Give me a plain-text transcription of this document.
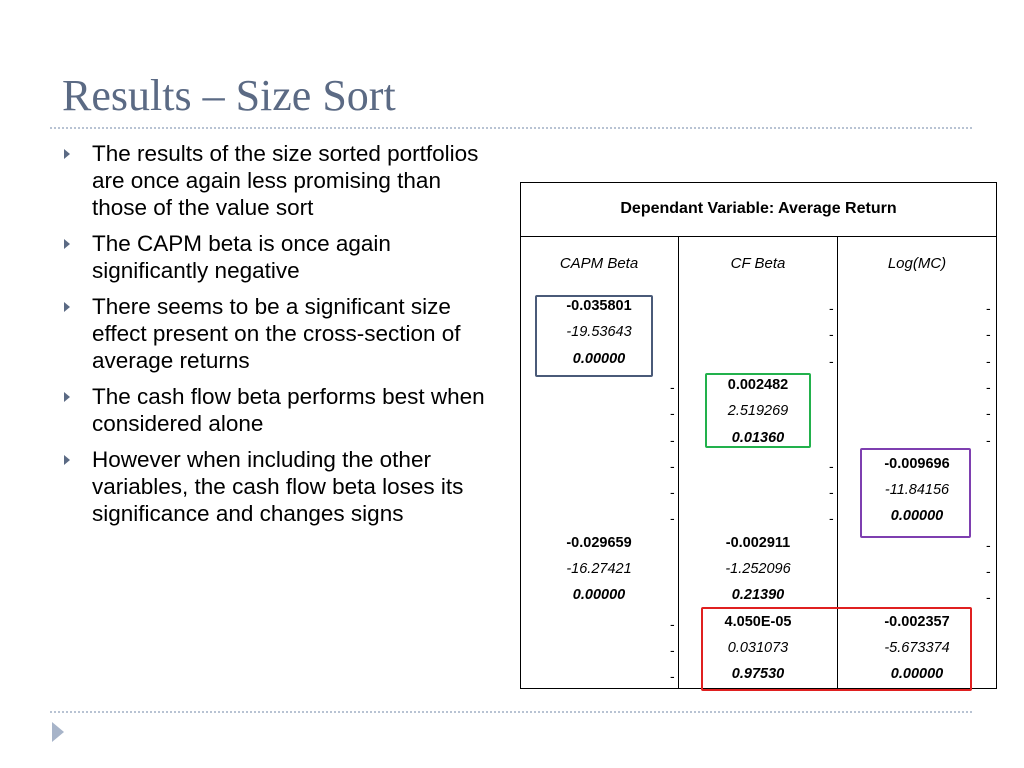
Results – Size Sort
The results of the size sorted portfolios are once again less promising than those of the value sort
The CAPM beta is once again significantly negative
There seems to be a significant size effect present on the cross-section of average returns
The cash flow beta performs best when considered alone
However when including the other variables, the cash flow beta loses its significance and changes signs
Dependant Variable: Average Return
CAPM Beta	CF Beta	Log(MC)
-0.035801	-	-
-19.53643	-	-
0.00000	-	-
-	0.002482	-
-	2.519269	-
-	0.01360	-
-	-	-0.009696
-	-	-11.84156
-	-	0.00000
-0.029659	-0.002911	-
-16.27421	-1.252096	-
0.00000	0.21390	-
-	4.050E-05	-0.002357
-	0.031073	-5.673374
-	0.97530	0.00000
